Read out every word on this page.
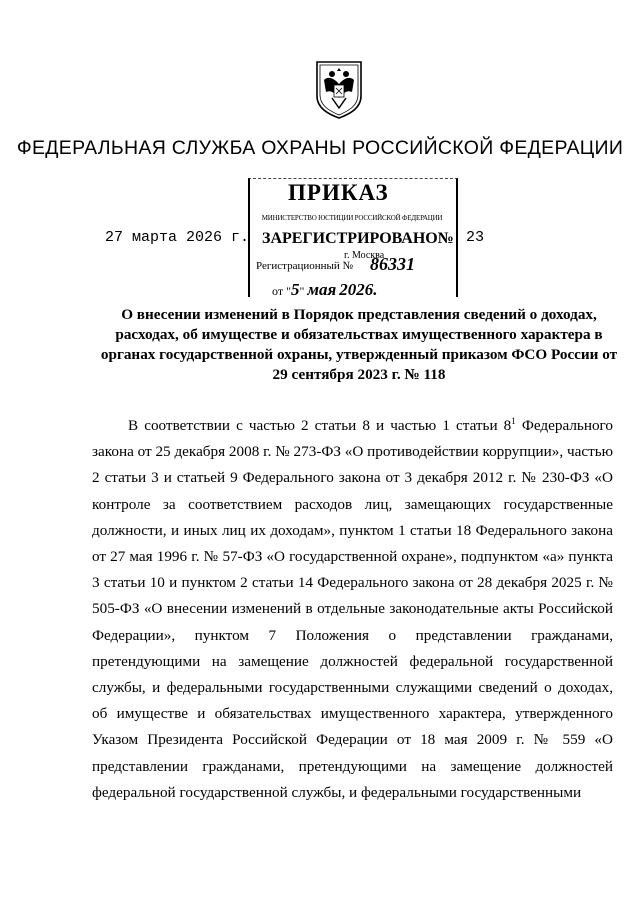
ФЕДЕРАЛЬНАЯ СЛУЖБА ОХРАНЫ РОССИЙСКОЙ ФЕДЕРАЦИИ
27 марта 2026 г.	23
ПРИКАЗ
МИНИСТЕРСТВО ЮСТИЦИИ РОССИЙСКОЙ ФЕДЕРАЦИИ
ЗАРЕГИСТРИРОВАНО№
г. Москва
Регистрационный № 86331
от "5" мая 2026.
О внесении изменений в Порядок представления сведений о доходах, расходах, об имуществе и обязательствах имущественного характера в органах государственной охраны, утвержденный приказом ФСО России от 29 сентября 2023 г. № 118

В соответствии с частью 2 статьи 8 и частью 1 статьи $8^1$ Федерального закона от 25 декабря 2008 г. № 273-ФЗ «О противодействии коррупции», частью 2 статьи 3 и статьей 9 Федерального закона от 3 декабря 2012 г. № 230-ФЗ «О контроле за соответствием расходов лиц, замещающих государственные должности, и иных лиц их доходам», пунктом 1 статьи 18 Федерального закона от 27 мая 1996 г. № 57-ФЗ «О государственной охране», подпунктом «а» пункта 3 статьи 10 и пунктом 2 статьи 14 Федерального закона от 28 декабря 2025 г. № 505-ФЗ «О внесении изменений в отдельные законодательные акты Российской Федерации», пунктом 7 Положения о представлении гражданами, претендующими на замещение должностей федеральной государственной службы, и федеральными государственными служащими сведений о доходах, об имуществе и обязательствах имущественного характера, утвержденного Указом Президента Российской Федерации от 18 мая 2009 г. № 559 «О представлении гражданами, претендующими на замещение должностей федеральной государственной службы, и федеральными государственными
